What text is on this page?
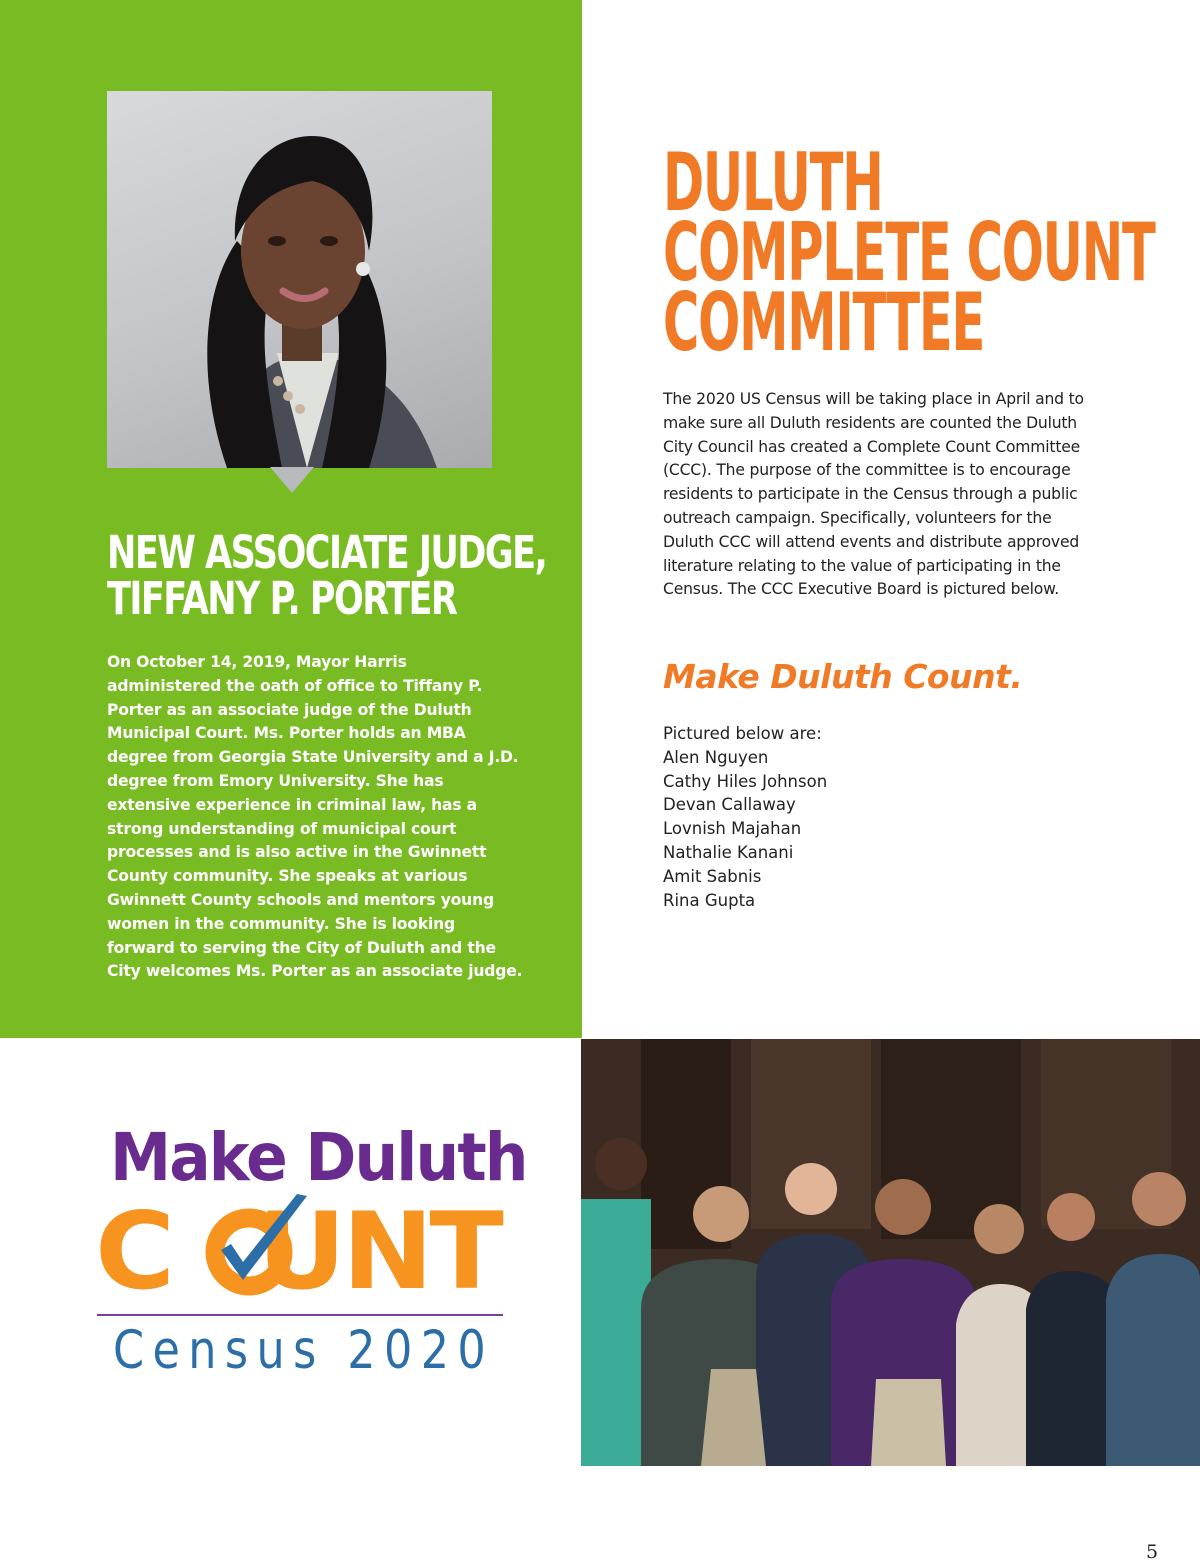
NEW ASSOCIATE JUDGE,
TIFFANY P. PORTER
On October 14, 2019, Mayor Harris administered the oath of office to Tiffany P. Porter as an associate judge of the Duluth Municipal Court. Ms. Porter holds an MBA degree from Georgia State University and a J.D. degree from Emory University. She has extensive experience in criminal law, has a strong understanding of municipal court processes and is also active in the Gwinnett County community. She speaks at various Gwinnett County schools and mentors young women in the community. She is looking forward to serving the City of Duluth and the City welcomes Ms. Porter as an associate judge.
DULUTH
COMPLETE COUNT
COMMITTEE
The 2020 US Census will be taking place in April and to make sure all Duluth residents are counted the Duluth City Council has created a Complete Count Committee (CCC). The purpose of the committee is to encourage residents to participate in the Census through a public outreach campaign. Specifically, volunteers for the Duluth CCC will attend events and distribute approved literature relating to the value of participating in the Census. The CCC Executive Board is pictured below.
Make Duluth Count.
Pictured below are:
Alen Nguyen
Cathy Hiles Johnson
Devan Callaway
Lovnish Majahan
Nathalie Kanani
Amit Sabnis
Rina Gupta
Make Duluth
C UNT
Census 2020
5
